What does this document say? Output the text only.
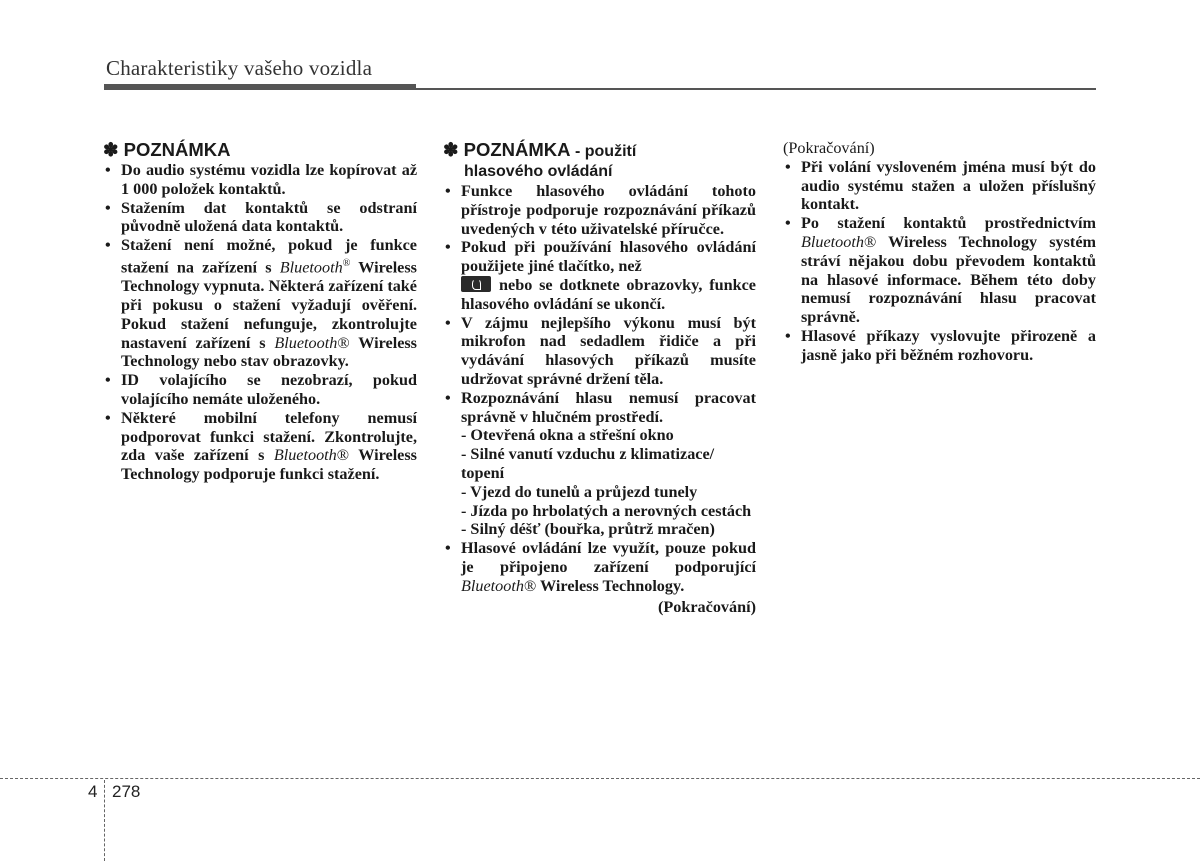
Charakteristiky vašeho vozidla
✽ POZNÁMKA
• Do audio systému vozidla lze kopírovat až 1 000 položek kontaktů.
• Stažením dat kontaktů se odstraní původně uložená data kontaktů.
• Stažení není možné, pokud je funkce stažení na zařízení s Bluetooth® Wireless Technology vypnuta. Některá zařízení také při pokusu o stažení vyžadují ověření. Pokud stažení nefunguje, zkontrolujte nastavení zařízení s Bluetooth® Wireless Technology nebo stav obrazovky.
• ID volajícího se nezobrazí, pokud volajícího nemáte uloženého.
• Některé mobilní telefony nemusí podporovat funkci stažení. Zkontrolujte, zda vaše zařízení s Bluetooth® Wireless Technology podporuje funkci stažení.
✽ POZNÁMKA - použití
hlasového ovládání
• Funkce hlasového ovládání tohoto přístroje podporuje rozpoznávání příkazů uvedených v této uživatelské příručce.
• Pokud při používání hlasového ovládání použijete jiné tlačítko, než
nebo se dotknete obrazovky, funkce hlasového ovládání se ukončí.
• V zájmu nejlepšího výkonu musí být mikrofon nad sedadlem řidiče a při vydávání hlasových příkazů musíte udržovat správné držení těla.
• Rozpoznávání hlasu nemusí pracovat správně v hlučném prostředí.
- Otevřená okna a střešní okno
- Silné vanutí vzduchu z klimatizace/ topení
- Vjezd do tunelů a průjezd tunely
- Jízda po hrbolatých a nerovných cestách
- Silný déšť (bouřka, průtrž mračen)
• Hlasové ovládání lze využít, pouze pokud je připojeno zařízení podporující Bluetooth® Wireless Technology.
(Pokračování)
(Pokračování)
• Při volání vysloveném jména musí být do audio systému stažen a uložen příslušný kontakt.
• Po stažení kontaktů prostřednictvím Bluetooth® Wireless Technology systém stráví nějakou dobu převodem kontaktů na hlasové informace. Během této doby nemusí rozpoznávání hlasu pracovat správně.
• Hlasové příkazy vyslovujte přirozeně a jasně jako při běžném rozhovoru.
4 278
